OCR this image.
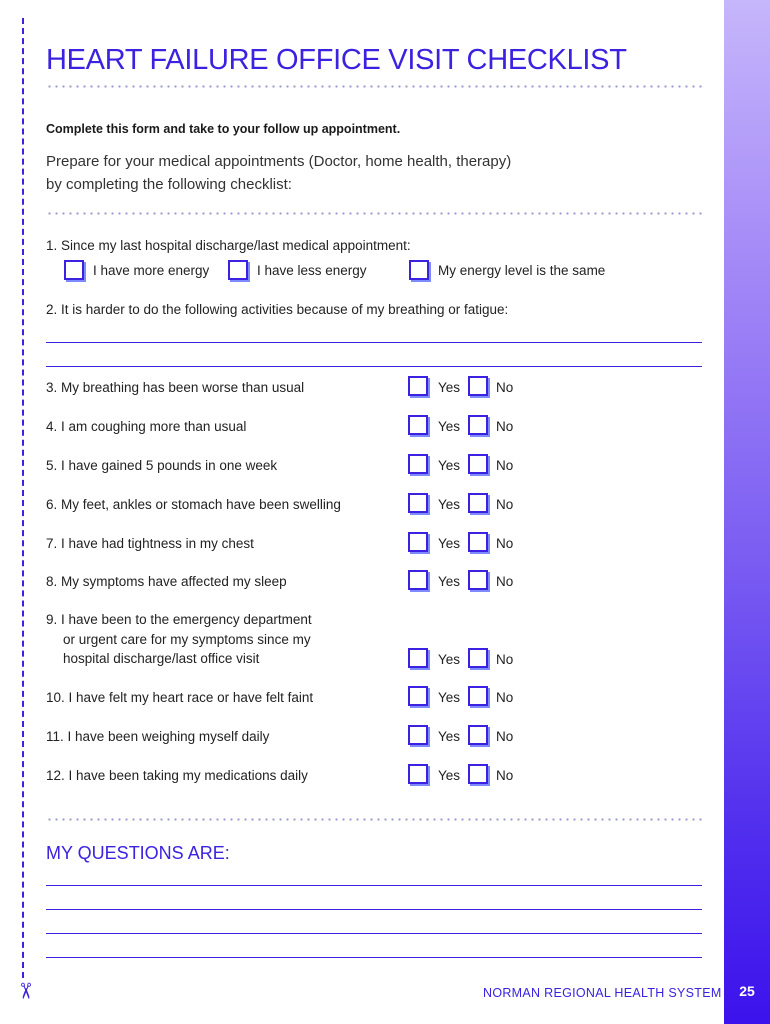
✂	25
HEART FAILURE OFFICE VISIT CHECKLIST
Complete this form and take to your follow up appointment.
Prepare for your medical appointments (Doctor, home health, therapy)
by completing the following checklist:
1. Since my last hospital discharge/last medical appointment:
I have more energy	I have less energy	My energy level is the same
2. It is harder to do the following activities because of my breathing or fatigue:
3. My breathing has been worse than usual	Yes	No
4. I am coughing more than usual	Yes	No
5. I have gained 5 pounds in one week	Yes	No
6. My feet, ankles or stomach have been swelling	Yes	No
7. I have had tightness in my chest	Yes	No
8. My symptoms have affected my sleep	Yes	No
9. I have been to the emergency department
or urgent care for my symptoms since my
hospital discharge/last office visit	Yes	No
10. I have felt my heart race or have felt faint	Yes	No
11. I have been weighing myself daily	Yes	No
12. I have been taking my medications daily	Yes	No
MY QUESTIONS ARE:
NORMAN REGIONAL HEALTH SYSTEM
